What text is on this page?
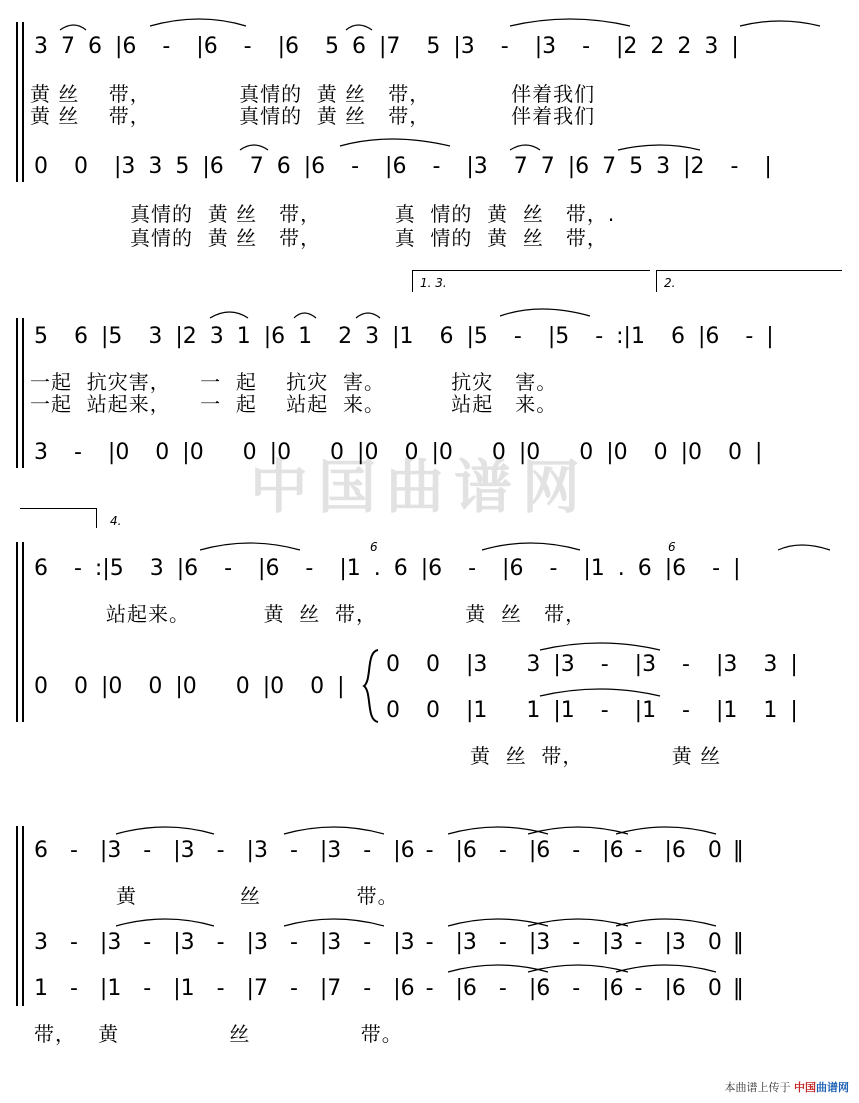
中国曲谱网
3 7 6 |6  -  |6  -  |6  5 6 |7  5 |3  -  |3  -  |2 2 2 3 |
黄 丝    带，            真情的  黄 丝   带，           伴着我们
黄 丝    带，            真情的  黄 丝   带，           伴着我们
0  0  |3 3 5 |6  7 6 |6  -  |6  -  |3  7 7 |6 7 5 3 |2  -  |
真情的  黄 丝   带，          真  情的  黄  丝   带，.
真情的  黄 丝   带，          真  情的  黄  丝   带，
1. 3.	2.
5  6 |5  3 |2 3 1 |6 1  2 3 |1  6 |5  -  |5  - :|1  6 |6  - |
一起  抗灾害，    一  起    抗灾  害。         抗灾   害。
一起  站起来，    一  起    站起  来。         站起   来。
3  -  |0  0 |0   0 |0   0 |0  0 |0   0 |0   0 |0  0 |0  0 |
4.
6  - :|5  3 |6  -  |6  -  |1 . 6 |6  -  |6  -  |1 . 6 |6  - |
6	6
站起来。          黄  丝  带，            黄  丝   带，
0  0 |0  0 |0   0 |0  0 |
0  0  |3   3 |3  -  |3  -  |3  3 |
0  0  |1   1 |1  -  |1  -  |1  1 |
黄  丝  带，            黄 丝
6  -  |3  -  |3  -  |3  -  |3  -  |6 -  |6  -  |6  -  |6 -  |6  0 ‖
黄              丝             带。
3  -  |3  -  |3  -  |3  -  |3  -  |3 -  |3  -  |3  -  |3 -  |3  0 ‖
1  -  |1  -  |1  -  |7  -  |7  -  |6 -  |6  -  |6  -  |6 -  |6  0 ‖
带，   黄               丝               带。
本曲谱上传于 中国曲谱网
